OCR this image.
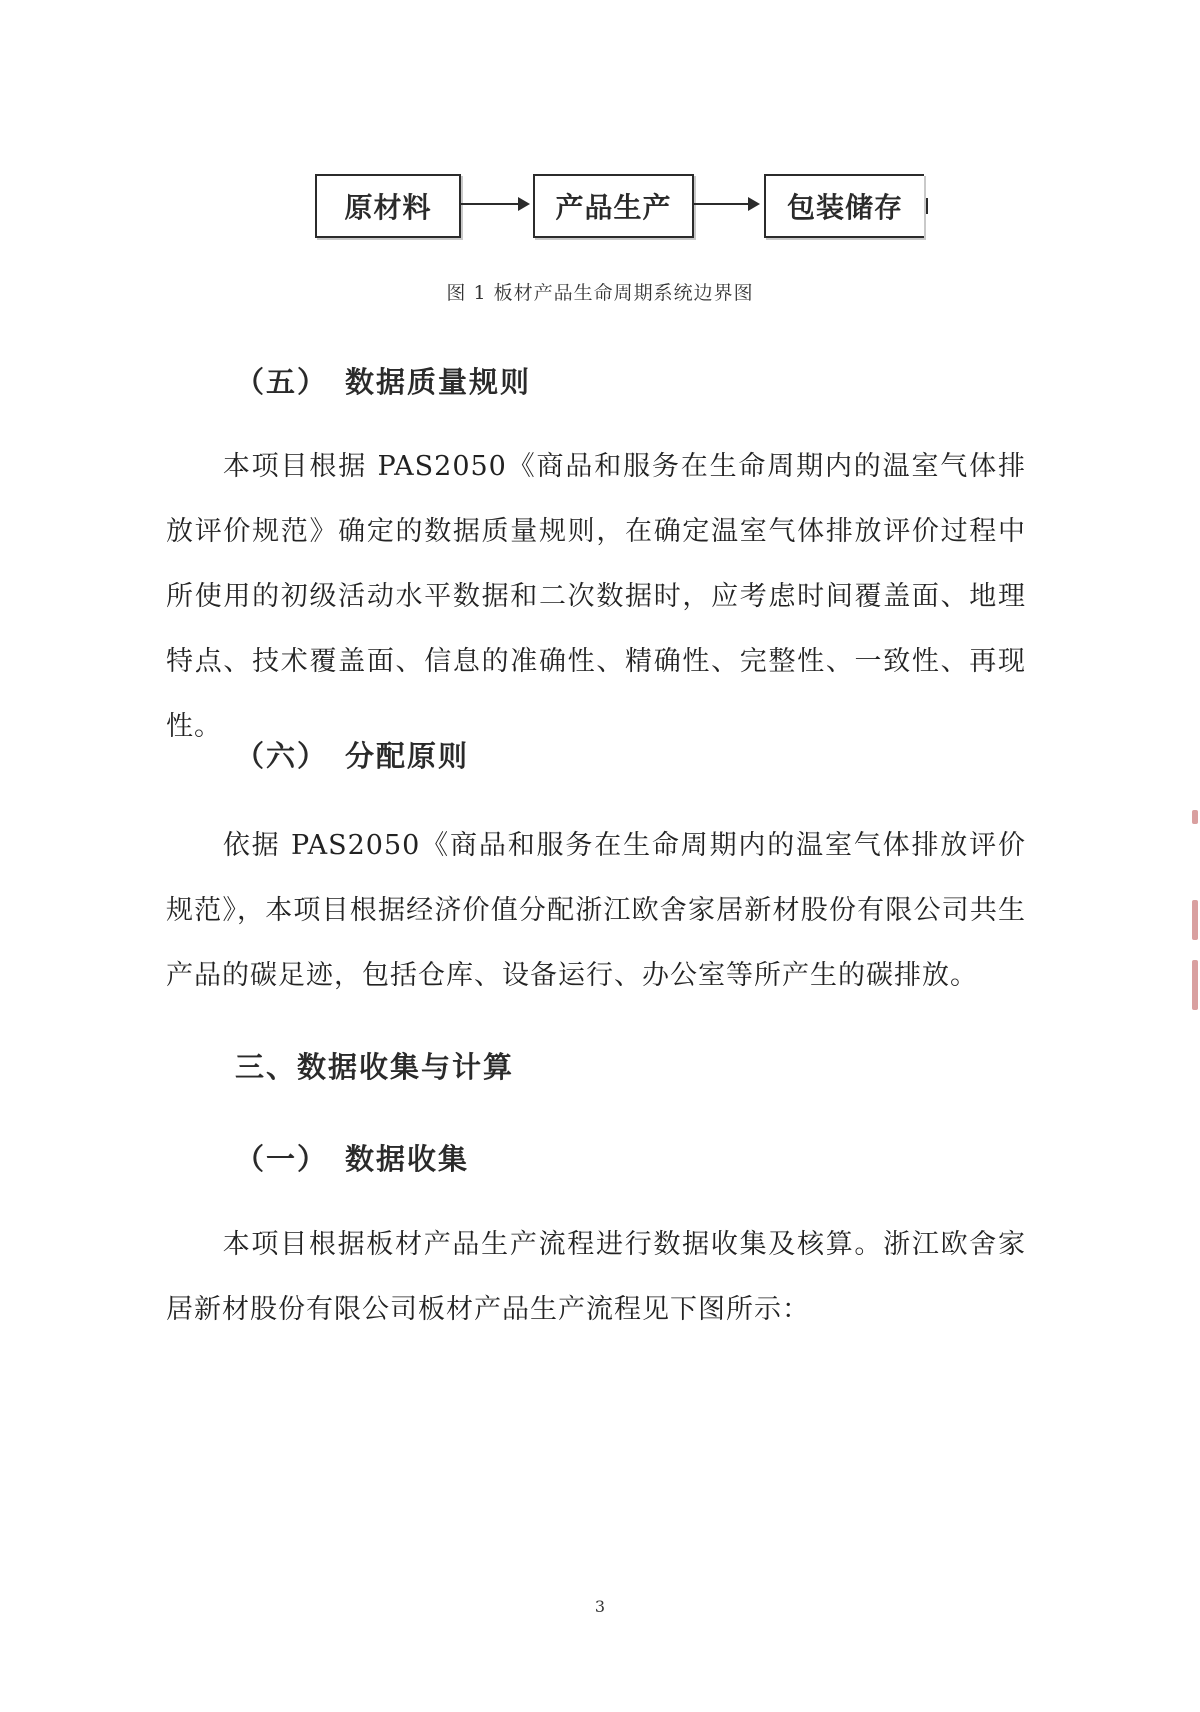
原材料	产品生产	包装储存
图 1 板材产品生命周期系统边界图
（五） 数据质量规则
本项目根据 PAS2050《商品和服务在生命周期内的温室气体排放评价规范》确定的数据质量规则，在确定温室气体排放评价过程中所使用的初级活动水平数据和二次数据时，应考虑时间覆盖面、地理特点、技术覆盖面、信息的准确性、精确性、完整性、一致性、再现性。
（六） 分配原则
依据 PAS2050《商品和服务在生命周期内的温室气体排放评价规范》，本项目根据经济价值分配浙江欧舍家居新材股份有限公司共生产品的碳足迹，包括仓库、设备运行、办公室等所产生的碳排放。
三、数据收集与计算
（一） 数据收集
本项目根据板材产品生产流程进行数据收集及核算。浙江欧舍家居新材股份有限公司板材产品生产流程见下图所示：
3
